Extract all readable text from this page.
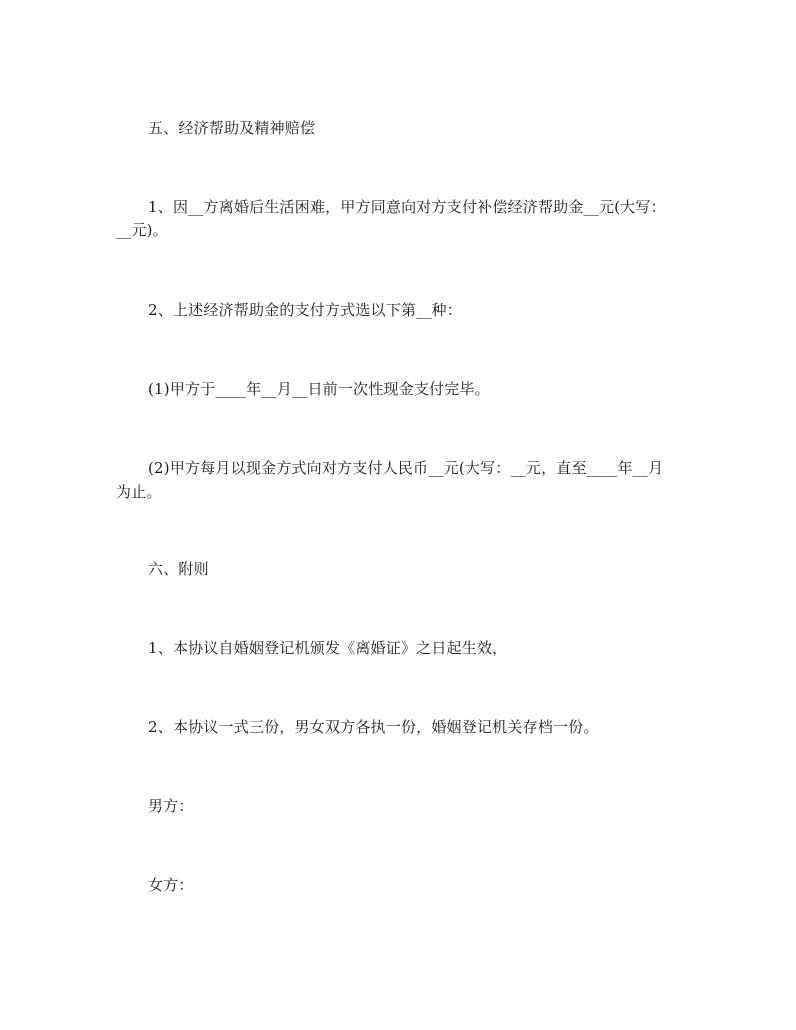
五、经济帮助及精神赔偿
1、因__方离婚后生活困难，甲方同意向对方支付补偿经济帮助金__元(大写：
__元)。
2、上述经济帮助金的支付方式选以下第__种：
(1)甲方于____年__月__日前一次性现金支付完毕。
(2)甲方每月以现金方式向对方支付人民币__元(大写：__元，直至____年__月
为止。
六、附则
1、本协议自婚姻登记机颁发《离婚证》之日起生效，
2、本协议一式三份，男女双方各执一份，婚姻登记机关存档一份。
男方：
女方：
